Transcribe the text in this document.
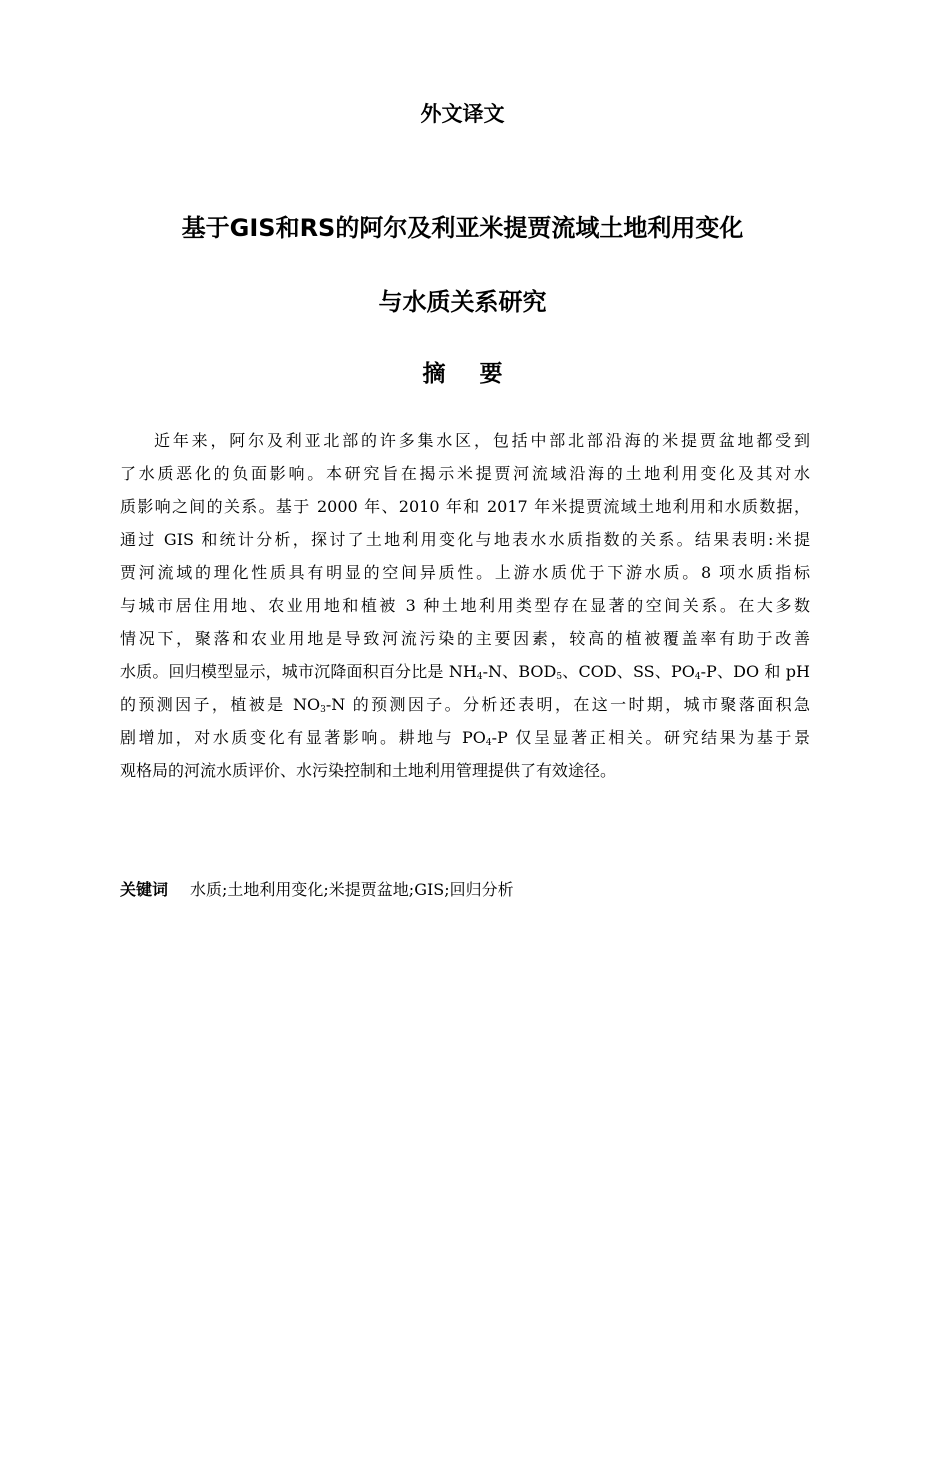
外文译文
基于GIS和RS的阿尔及利亚米提贾流域土地利用变化
与水质关系研究
摘要
近年来，阿尔及利亚北部的许多集水区，包括中部北部沿海的米提贾盆地都受到
了水质恶化的负面影响。本研究旨在揭示米提贾河流域沿海的土地利用变化及其对水
质影响之间的关系。基于 2000 年、2010 年和 2017 年米提贾流域土地利用和水质数据，
通过 GIS 和统计分析，探讨了土地利用变化与地表水水质指数的关系。结果表明:米提
贾河流域的理化性质具有明显的空间异质性。上游水质优于下游水质。8 项水质指标
与城市居住用地、农业用地和植被 3 种土地利用类型存在显著的空间关系。在大多数
情况下，聚落和农业用地是导致河流污染的主要因素，较高的植被覆盖率有助于改善
水质。回归模型显示，城市沉降面积百分比是 $NH_4-N$、$BOD_5$、COD、SS、$PO_4-P$、DO 和 pH
的预测因子，植被是 $NO_3-N$ 的预测因子。分析还表明，在这一时期，城市聚落面积急
剧增加，对水质变化有显著影响。耕地与 $PO_4-P$ 仅呈显著正相关。研究结果为基于景
观格局的河流水质评价、水污染控制和土地利用管理提供了有效途径。
关键词 水质;土地利用变化;米提贾盆地;GIS;回归分析
